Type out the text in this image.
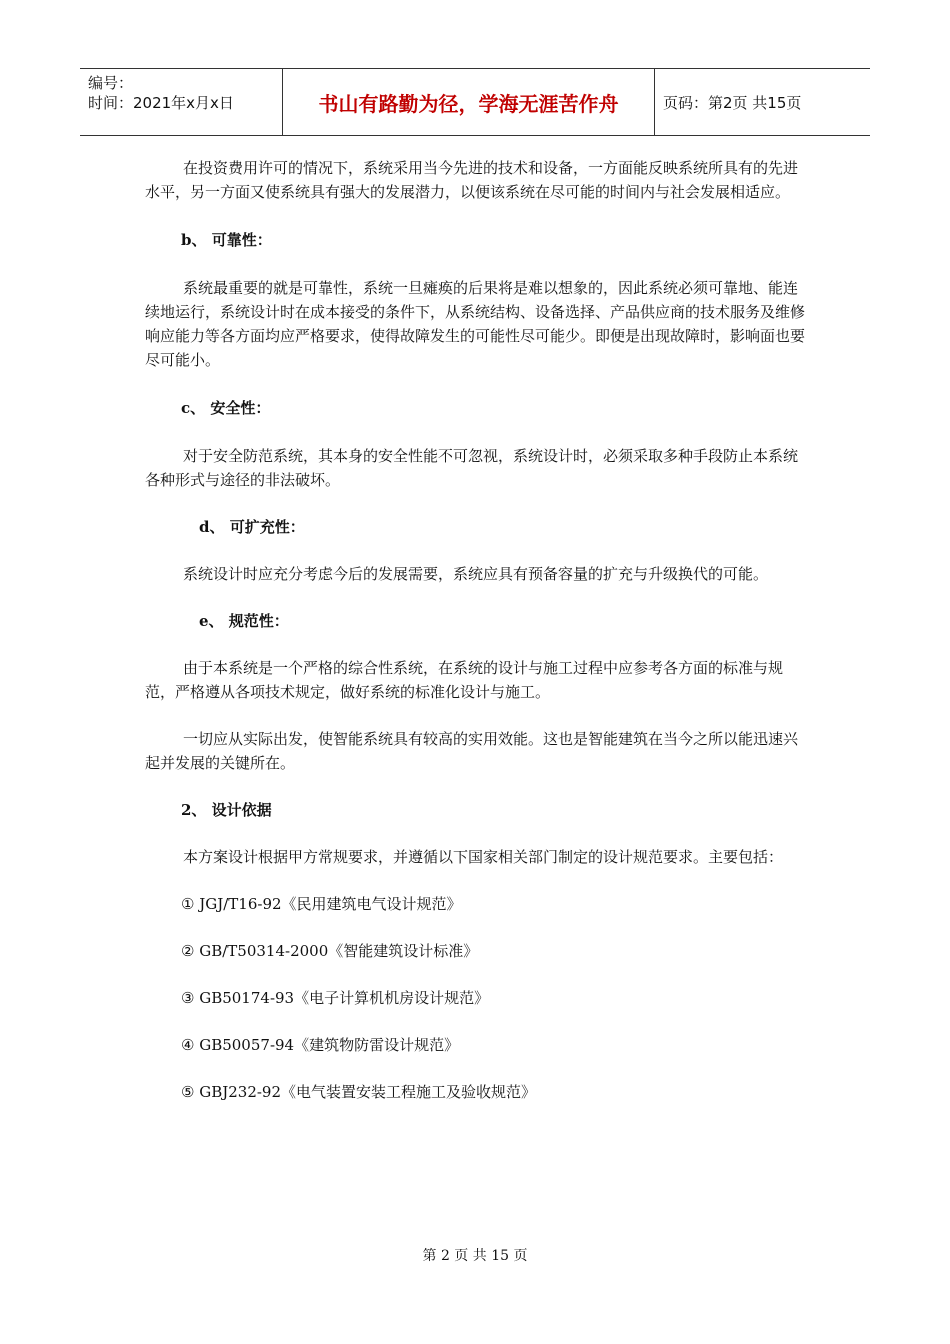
编号：
时间：2021年x月x日	书山有路勤为径，学海无涯苦作舟	页码：第2页 共15页

在投资费用许可的情况下，系统采用当今先进的技术和设备，一方面能反映系统所具有的先进水平，另一方面又使系统具有强大的发展潜力，以便该系统在尽可能的时间内与社会发展相适应。

b、 可靠性：

系统最重要的就是可靠性，系统一旦瘫痪的后果将是难以想象的，因此系统必须可靠地、能连续地运行，系统设计时在成本接受的条件下，从系统结构、设备选择、产品供应商的技术服务及维修响应能力等各方面均应严格要求，使得故障发生的可能性尽可能少。即便是出现故障时，影响面也要尽可能小。

c、 安全性：

对于安全防范系统，其本身的安全性能不可忽视，系统设计时，必须采取多种手段防止本系统各种形式与途径的非法破坏。

d、 可扩充性：

系统设计时应充分考虑今后的发展需要，系统应具有预备容量的扩充与升级换代的可能。

e、 规范性：

由于本系统是一个严格的综合性系统，在系统的设计与施工过程中应参考各方面的标准与规范，严格遵从各项技术规定，做好系统的标准化设计与施工。

一切应从实际出发，使智能系统具有较高的实用效能。这也是智能建筑在当今之所以能迅速兴起并发展的关键所在。

2、 设计依据

本方案设计根据甲方常规要求，并遵循以下国家相关部门制定的设计规范要求。主要包括：

① JGJ/T16-92《民用建筑电气设计规范》

② GB/T50314-2000《智能建筑设计标准》

③ GB50174-93《电子计算机机房设计规范》

④ GB50057-94《建筑物防雷设计规范》

⑤ GBJ232-92《电气装置安装工程施工及验收规范》

第 2 页 共 15 页
